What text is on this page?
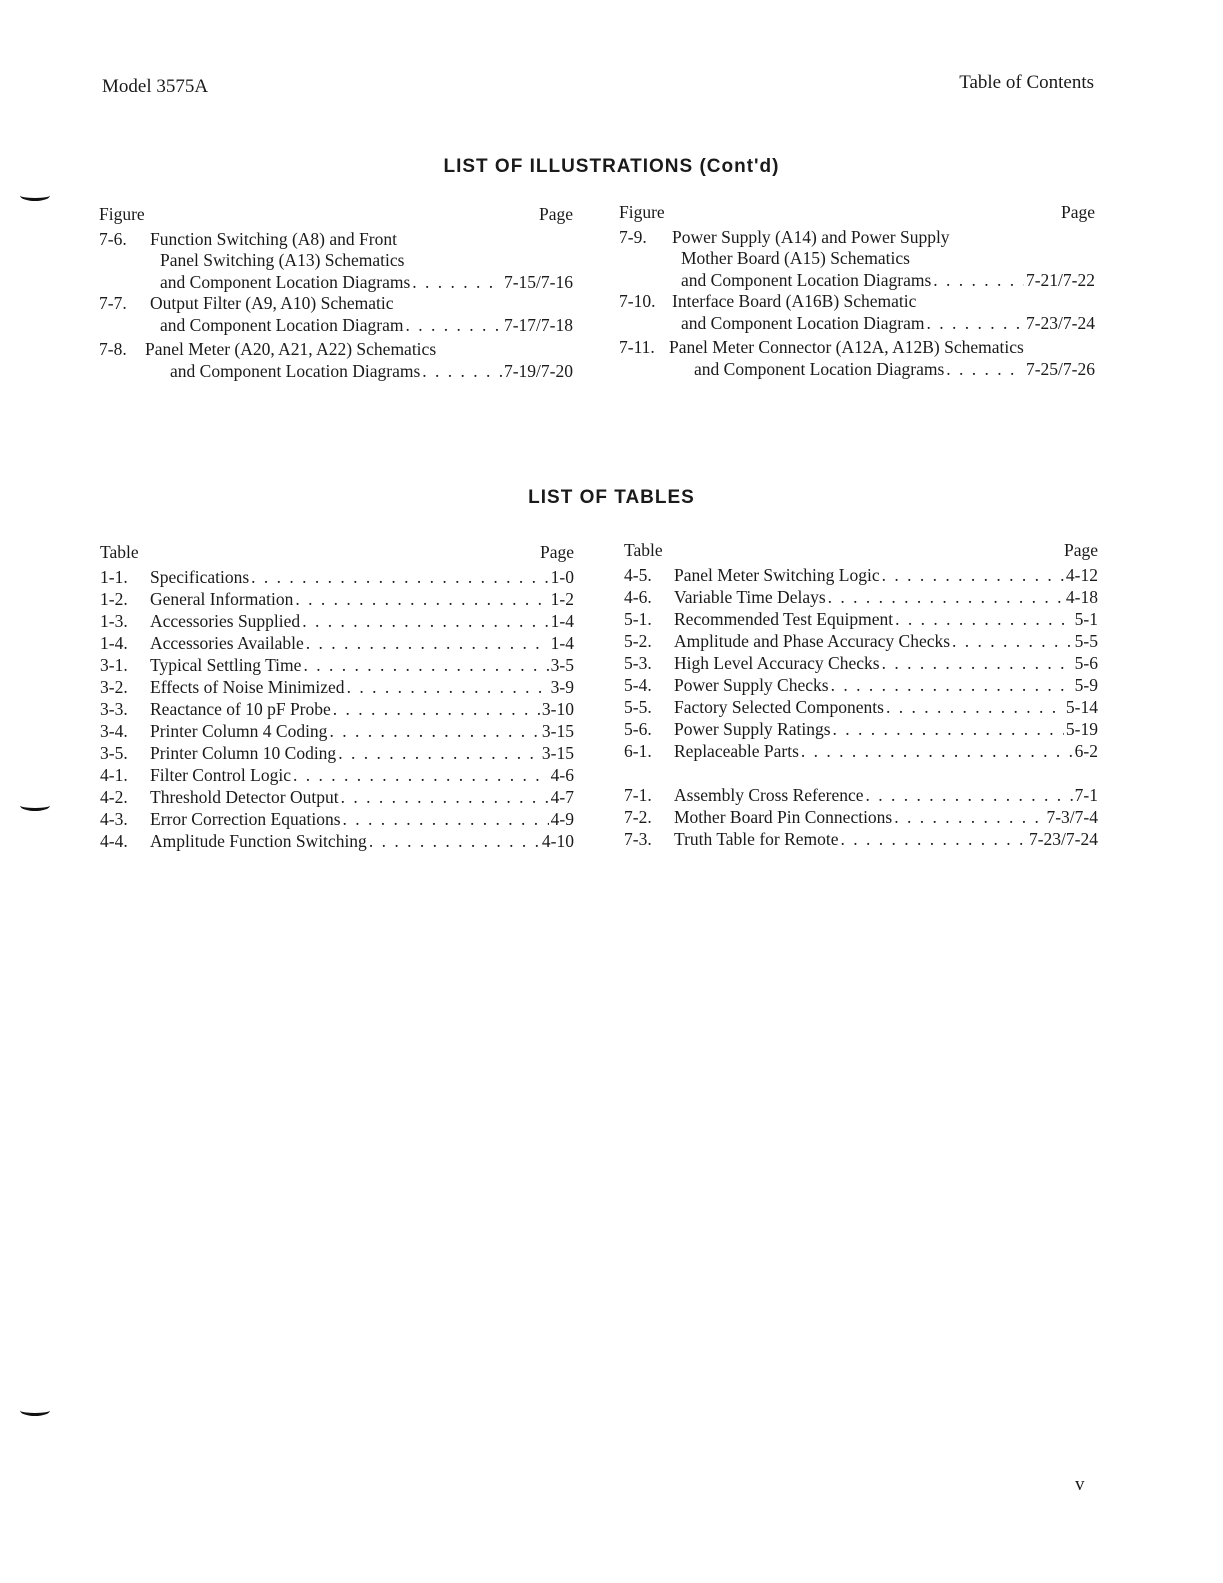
Model 3575A	Table of Contents
LIST OF ILLUSTRATIONS (Cont'd)
Figure	Page
7-6.	Function Switching (A8) and Front
Panel Switching (A13) Schematics
and Component Location Diagrams . . .	7-15/7-16
7-7.	Output Filter (A9, A10) Schematic
and Component Location Diagram . . .	7-17/7-18
7-8.	Panel Meter (A20, A21, A22) Schematics
and Component Location Diagrams . . .	7-19/7-20
Figure	Page
7-9.	Power Supply (A14) and Power Supply
Mother Board (A15) Schematics
and Component Location Diagrams . . .	7-21/7-22
7-10. Interface Board (A16B) Schematic
and Component Location Diagram . . .	7-23/7-24
7-11. Panel Meter Connector (A12A, A12B) Schematics
and Component Location Diagrams . . .	7-25/7-26
LIST OF TABLES
Table	Page
1-1.	Specifications . . .	1-0
1-2.	General Information . . .	1-2
1-3.	Accessories Supplied . . .	1-4
1-4.	Accessories Available . . .	1-4
3-1.	Typical Settling Time . . .	3-5
3-2.	Effects of Noise Minimized . . .	3-9
3-3.	Reactance of 10 pF Probe . . .	3-10
3-4.	Printer Column 4 Coding . . .	3-15
3-5.	Printer Column 10 Coding . . .	3-15
4-1.	Filter Control Logic . . .	4-6
4-2.	Threshold Detector Output . . .	4-7
4-3.	Error Correction Equations . . .	4-9
4-4.	Amplitude Function Switching . . .	4-10
Table	Page
4-5.	Panel Meter Switching Logic . . .	4-12
4-6.	Variable Time Delays . . .	4-18
5-1.	Recommended Test Equipment . . .	5-1
5-2.	Amplitude and Phase Accuracy Checks . . .	5-5
5-3.	High Level Accuracy Checks . . .	5-6
5-4.	Power Supply Checks . . .	5-9
5-5.	Factory Selected Components . . .	5-14
5-6.	Power Supply Ratings . . .	5-19
6-1.	Replaceable Parts . . .	6-2
7-1.	Assembly Cross Reference . . .	7-1
7-2.	Mother Board Pin Connections . . .	7-3/7-4
7-3.	Truth Table for Remote . . .	7-23/7-24
v
